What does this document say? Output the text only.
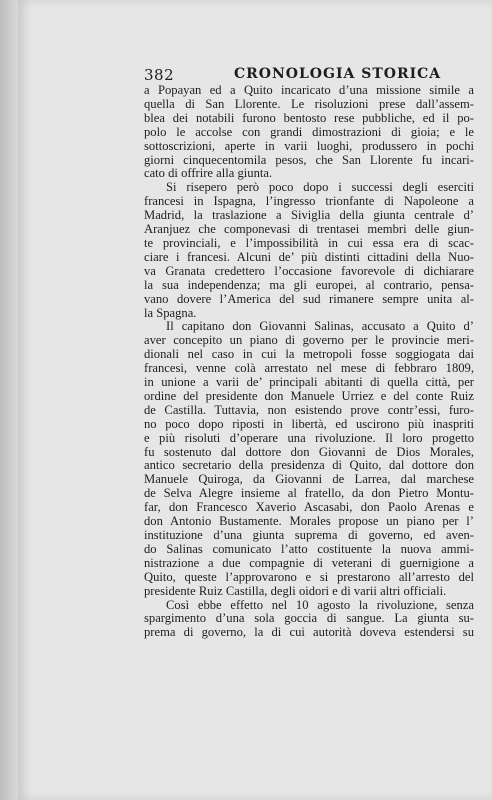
382	CRONOLOGIA STORICA
a Popayan ed a Quito incaricato d’una missione simile a
quella di San Llorente. Le risoluzioni prese dall’assem-
blea dei notabili furono bentosto rese pubbliche, ed il po-
polo le accolse con grandi dimostrazioni di gioia; e le
sottoscrizioni, aperte in varii luoghi, produssero in pochi
giorni cinquecentomila pesos, che San Llorente fu incari-
cato di offrire alla giunta.
Si risepero però poco dopo i successi degli eserciti
francesi in Ispagna, l’ingresso trionfante di Napoleone a
Madrid, la traslazione a Siviglia della giunta centrale d’
Aranjuez che componevasi di trentasei membri delle giun-
te provinciali, e l’impossibilità in cui essa era di scac-
ciare i francesi. Alcuni de’ più distinti cittadini della Nuo-
va Granata credettero l’occasione favorevole di dichiarare
la sua independenza; ma gli europei, al contrario, pensa-
vano dovere l’America del sud rimanere sempre unita al-
la Spagna.
Il capitano don Giovanni Salinas, accusato a Quito d’
aver concepito un piano di governo per le provincie meri-
dionali nel caso in cui la metropoli fosse soggiogata dai
francesi, venne colà arrestato nel mese di febbraro 1809,
in unione a varii de’ principali abitanti di quella città, per
ordine del presidente don Manuele Urriez e del conte Ruiz
de Castilla. Tuttavia, non esistendo prove contr’essi, furo-
no poco dopo riposti in libertà, ed uscirono più inaspriti
e più risoluti d’operare una rivoluzione. Il loro progetto
fu sostenuto dal dottore don Giovanni de Dios Morales,
antico secretario della presidenza di Quito, dal dottore don
Manuele Quiroga, da Giovanni de Larrea, dal marchese
de Selva Alegre insieme al fratello, da don Pietro Montu-
far, don Francesco Xaverio Ascasabi, don Paolo Arenas e
don Antonio Bustamente. Morales propose un piano per l’
instituzione d’una giunta suprema di governo, ed aven-
do Salinas comunicato l’atto costituente la nuova ammi-
nistrazione a due compagnie di veterani di guernigione a
Quito, queste l’approvarono e si prestarono all’arresto del
presidente Ruiz Castilla, degli oidori e di varii altri officiali.
Così ebbe effetto nel 10 agosto la rivoluzione, senza
spargimento d’una sola goccia di sangue. La giunta su-
prema di governo, la di cui autorità doveva estendersi su
